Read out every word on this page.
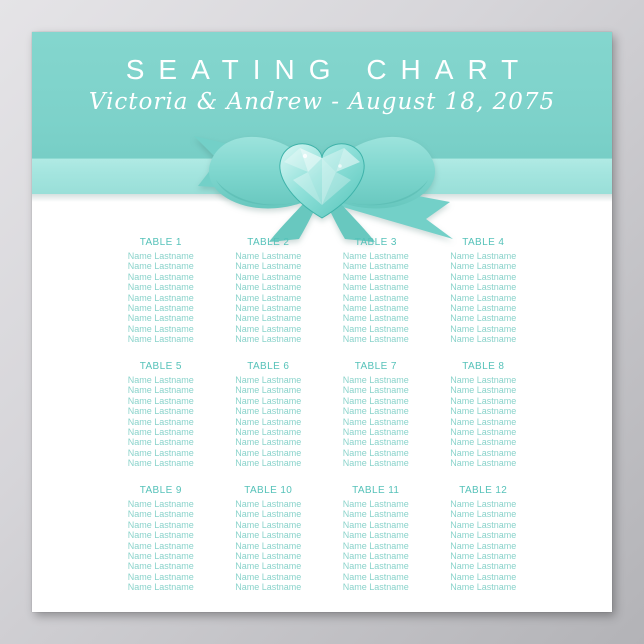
SEATING CHART
Victoria & Andrew - August 18, 2075
TABLE 1
Name Lastname
Name Lastname
Name Lastname
Name Lastname
Name Lastname
Name Lastname
Name Lastname
Name Lastname
Name Lastname
TABLE 2
Name Lastname
Name Lastname
Name Lastname
Name Lastname
Name Lastname
Name Lastname
Name Lastname
Name Lastname
Name Lastname
TABLE 3
Name Lastname
Name Lastname
Name Lastname
Name Lastname
Name Lastname
Name Lastname
Name Lastname
Name Lastname
Name Lastname
TABLE 4
Name Lastname
Name Lastname
Name Lastname
Name Lastname
Name Lastname
Name Lastname
Name Lastname
Name Lastname
Name Lastname
TABLE 5
Name Lastname
Name Lastname
Name Lastname
Name Lastname
Name Lastname
Name Lastname
Name Lastname
Name Lastname
Name Lastname
TABLE 6
Name Lastname
Name Lastname
Name Lastname
Name Lastname
Name Lastname
Name Lastname
Name Lastname
Name Lastname
Name Lastname
TABLE 7
Name Lastname
Name Lastname
Name Lastname
Name Lastname
Name Lastname
Name Lastname
Name Lastname
Name Lastname
Name Lastname
TABLE 8
Name Lastname
Name Lastname
Name Lastname
Name Lastname
Name Lastname
Name Lastname
Name Lastname
Name Lastname
Name Lastname
TABLE 9
Name Lastname
Name Lastname
Name Lastname
Name Lastname
Name Lastname
Name Lastname
Name Lastname
Name Lastname
Name Lastname
TABLE 10
Name Lastname
Name Lastname
Name Lastname
Name Lastname
Name Lastname
Name Lastname
Name Lastname
Name Lastname
Name Lastname
TABLE 11
Name Lastname
Name Lastname
Name Lastname
Name Lastname
Name Lastname
Name Lastname
Name Lastname
Name Lastname
Name Lastname
TABLE 12
Name Lastname
Name Lastname
Name Lastname
Name Lastname
Name Lastname
Name Lastname
Name Lastname
Name Lastname
Name Lastname
